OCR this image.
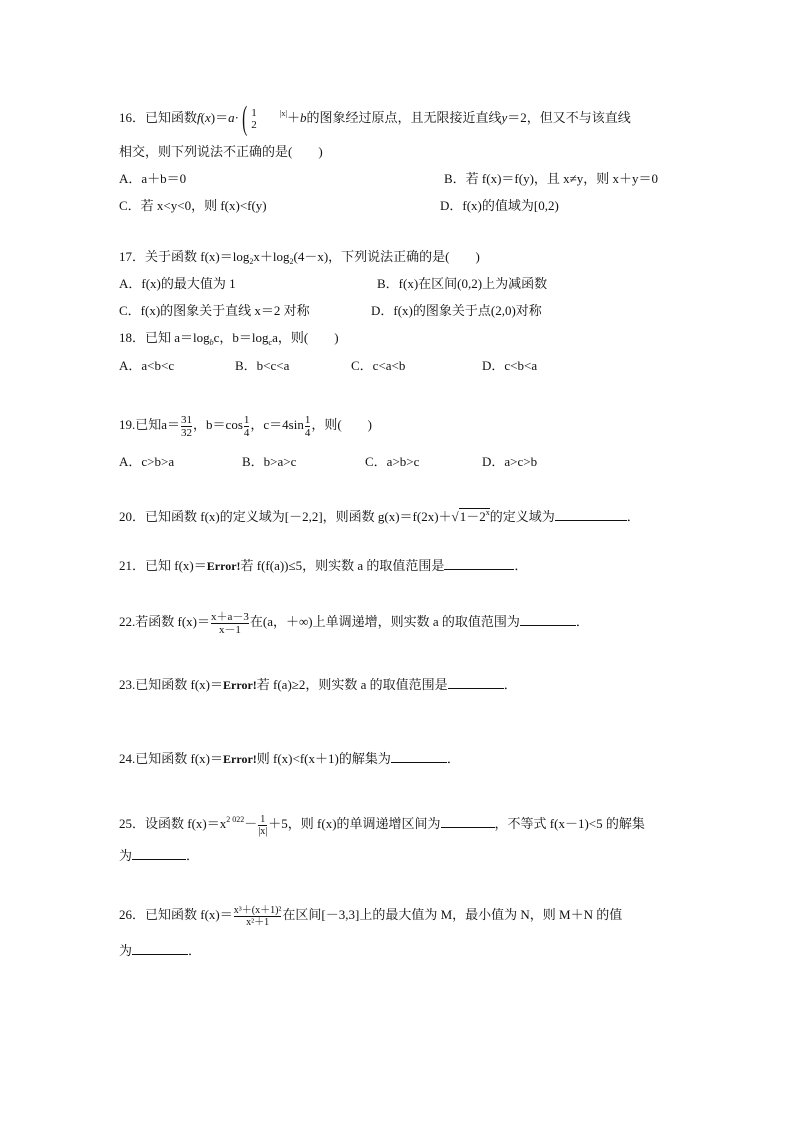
16．已知函数f(x)＝a·( 1
2
$^{|x|}$＋b的图象经过原点，且无限接近直线y＝2，但又不与该直线
相交，则下列说法不正确的是(　　)
A．a＋b＝0	B．若 f(x)＝f(y)，且 x≠y，则 x＋y＝0
C．若 x<y<0，则 f(x)<f(y)	D．f(x)的值域为[0,2)
17．关于函数 $f(x)=\log_2x+\log_2(4-x)$，下列说法正确的是(　　)
A．f(x)的最大值为 1	B．f(x)在区间(0,2)上为减函数
C．f(x)的图象关于直线 x＝2 对称	D．f(x)的图象关于点(2,0)对称
18．已知 $a=\log_bc$，$b=\log_ca$，则(　　)
A．a<b<c	B．b<c<a	C．c<a<b	D．c<b<a
19.已知$a= \frac{31}{32}$ ，$b=\cos \frac{1}{4}$ ，$c=4\sin \frac{1}{4}$ ，则(　　)
A．c>b>a	B．b>a>c	C．a>b>c	D．a>c>b
20．已知函数 f(x)的定义域为[－2,2]，则函数 $g(x)=f(2x)+√1-2^x$的定义域为	．
21．已知 f(x)＝Error!若 f(f(a))≤5，则实数 a 的取值范围是	．
22.若函数 $f(x)= \frac{x+a-3}{x-1}$ 在(a，＋∞)上单调递增，则实数 a 的取值范围为	．
23.已知函数 f(x)＝Error!若 f(a)≥2，则实数 a 的取值范围是	．
24.已知函数 f(x)＝Error!则 f(x)<f(x＋1)的解集为	．
25．设函数 $f(x)=x^{2 022}- \frac{1}{|x|} +5$，则 f(x)的单调递增区间为	，不等式 f(x－1)<5 的解集
为	．
26．已知函数 $f(x)= \frac{\text{x³＋(x＋1)²}}{\text{x²＋1}}$ 在区间[－3,3]上的最大值为 M，最小值为 N，则 M＋N 的值
为	．
